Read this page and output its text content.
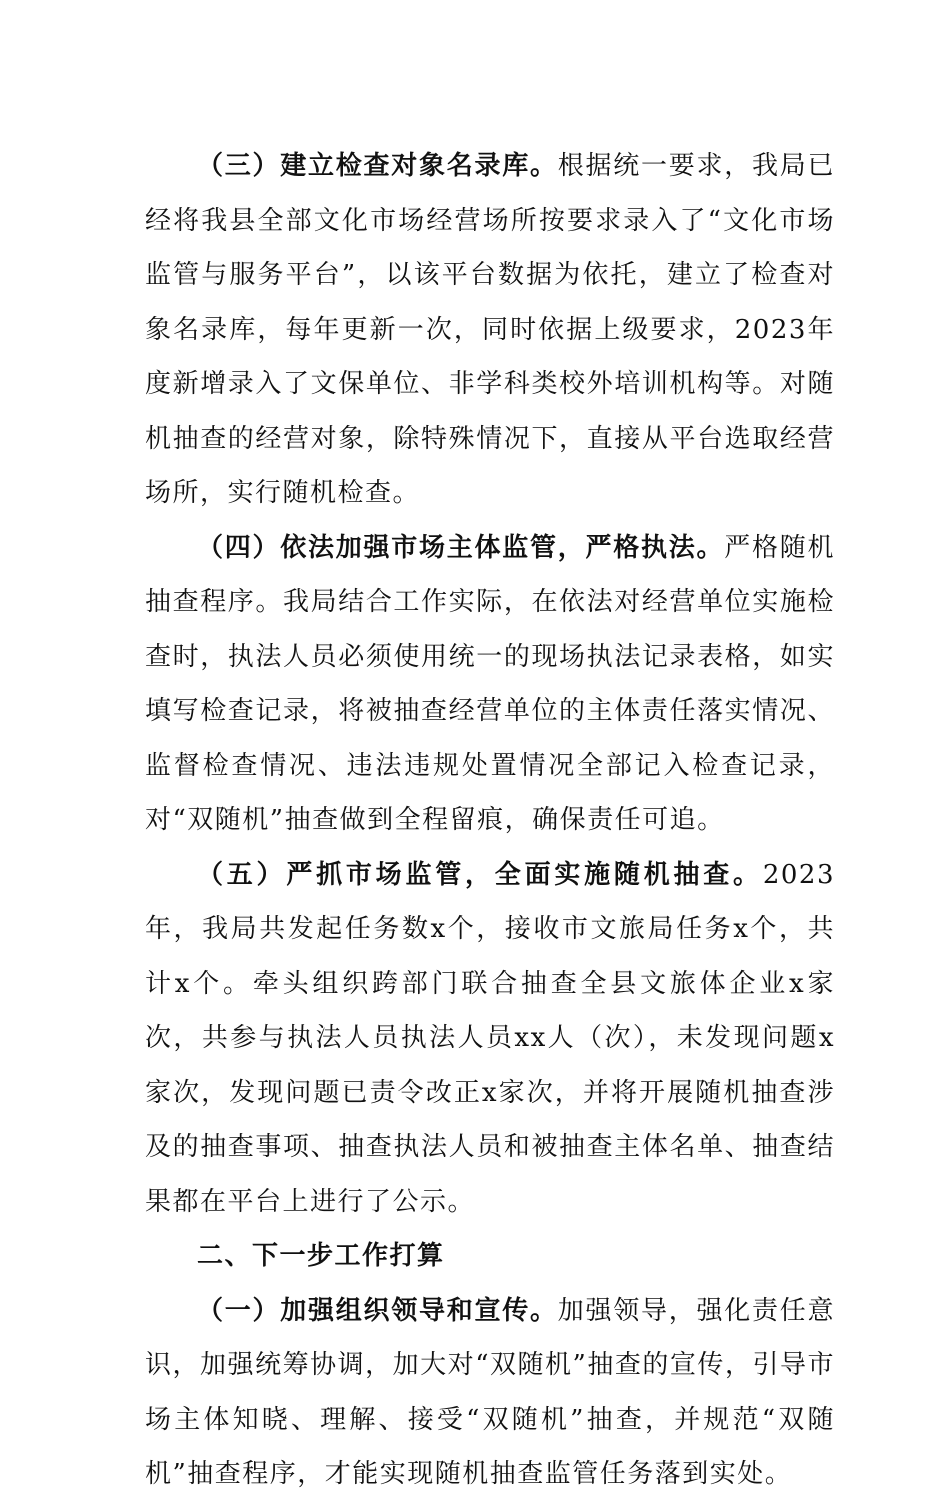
（三）建立检查对象名录库。根据统一要求，我局已经将我县全部文化市场经营场所按要求录入了“文化市场监管与服务平台”，以该平台数据为依托，建立了检查对象名录库，每年更新一次，同时依据上级要求，2023年度新增录入了文保单位、非学科类校外培训机构等。对随机抽查的经营对象，除特殊情况下，直接从平台选取经营场所，实行随机检查。

（四）依法加强市场主体监管，严格执法。严格随机抽查程序。我局结合工作实际，在依法对经营单位实施检查时，执法人员必须使用统一的现场执法记录表格，如实填写检查记录，将被抽查经营单位的主体责任落实情况、监督检查情况、违法违规处置情况全部记入检查记录，对“双随机”抽查做到全程留痕，确保责任可追。

（五）严抓市场监管，全面实施随机抽查。2023年，我局共发起任务数x个，接收市文旅局任务x个，共计x个。牵头组织跨部门联合抽查全县文旅体企业x家次，共参与执法人员执法人员xx人（次），未发现问题x家次，发现问题已责令改正x家次，并将开展随机抽查涉及的抽查事项、抽查执法人员和被抽查主体名单、抽查结果都在平台上进行了公示。

二、下一步工作打算

（一）加强组织领导和宣传。加强领导，强化责任意识，加强统筹协调，加大对“双随机”抽查的宣传，引导市场主体知晓、理解、接受“双随机”抽查，并规范“双随机”抽查程序，才能实现随机抽查监管任务落到实处。
